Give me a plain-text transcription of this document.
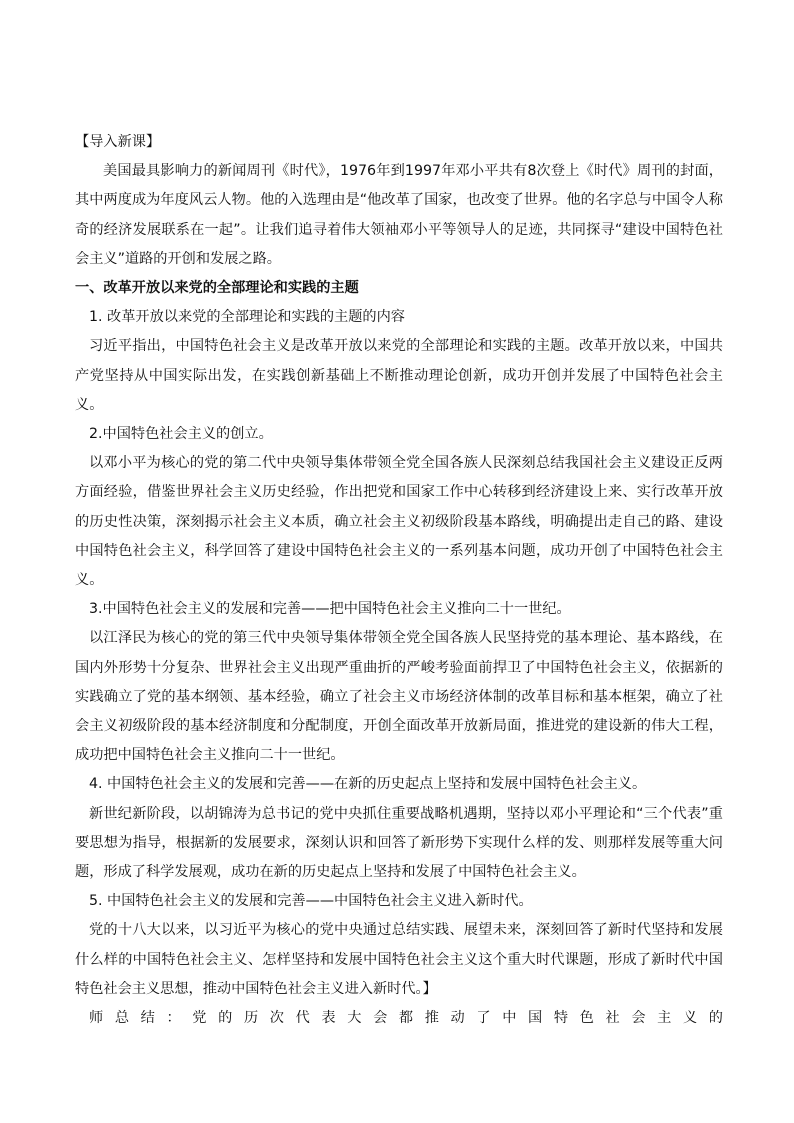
【导入新课】

美国最具影响力的新闻周刊《时代》，1976年到1997年邓小平共有8次登上《时代》周刊的封面，其中两度成为年度风云人物。他的入选理由是“他改革了国家，也改变了世界。他的名字总与中国令人称奇的经济发展联系在一起”。让我们追寻着伟大领袖邓小平等领导人的足迹，共同探寻“建设中国特色社会主义”道路的开创和发展之路。

一、改革开放以来党的全部理论和实践的主题

1. 改革开放以来党的全部理论和实践的主题的内容

习近平指出，中国特色社会主义是改革开放以来党的全部理论和实践的主题。改革开放以来，中国共产党坚持从中国实际出发，在实践创新基础上不断推动理论创新，成功开创并发展了中国特色社会主义。

2.中国特色社会主义的创立。

以邓小平为核心的党的第二代中央领导集体带领全党全国各族人民深刻总结我国社会主义建设正反两方面经验，借鉴世界社会主义历史经验，作出把党和国家工作中心转移到经济建设上来、实行改革开放的历史性决策，深刻揭示社会主义本质，确立社会主义初级阶段基本路线，明确提出走自己的路、建设中国特色社会主义，科学回答了建设中国特色社会主义的一系列基本问题，成功开创了中国特色社会主义。

3.中国特色社会主义的发展和完善——把中国特色社会主义推向二十一世纪。

以江泽民为核心的党的第三代中央领导集体带领全党全国各族人民坚持党的基本理论、基本路线，在国内外形势十分复杂、世界社会主义出现严重曲折的严峻考验面前捍卫了中国特色社会主义，依据新的实践确立了党的基本纲领、基本经验，确立了社会主义市场经济体制的改革目标和基本框架，确立了社会主义初级阶段的基本经济制度和分配制度，开创全面改革开放新局面，推进党的建设新的伟大工程，成功把中国特色社会主义推向二十一世纪。

4. 中国特色社会主义的发展和完善——在新的历史起点上坚持和发展中国特色社会主义。

新世纪新阶段，以胡锦涛为总书记的党中央抓住重要战略机遇期，坚持以邓小平理论和“三个代表”重要思想为指导，根据新的发展要求，深刻认识和回答了新形势下实现什么样的发、则那样发展等重大问题，形成了科学发展观，成功在新的历史起点上坚持和发展了中国特色社会主义。

5. 中国特色社会主义的发展和完善——中国特色社会主义进入新时代。

党的十八大以来，以习近平为核心的党中央通过总结实践、展望未来，深刻回答了新时代坚持和发展什么样的中国特色社会主义、怎样坚持和发展中国特色社会主义这个重大时代课题，形成了新时代中国特色社会主义思想，推动中国特色社会主义进入新时代。】

师总结：党的历次代表大会都推动了中国特色社会主义的
